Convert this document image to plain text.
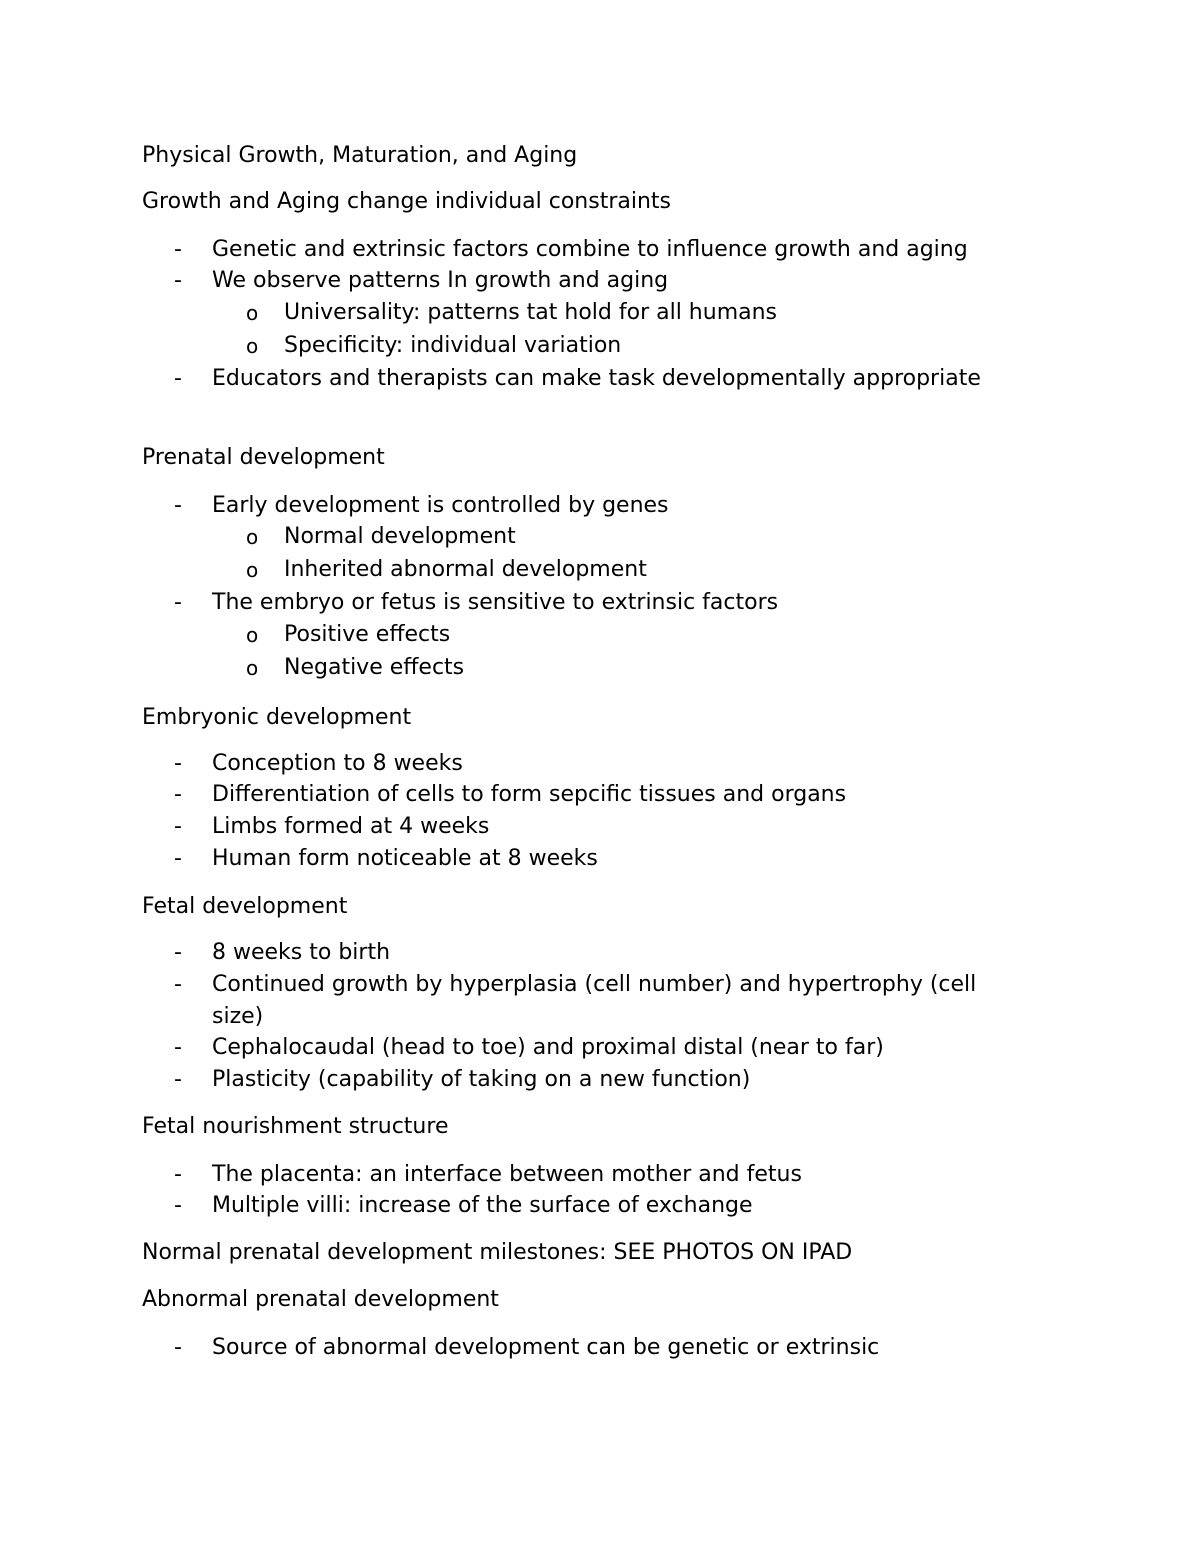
Physical Growth, Maturation, and Aging
Growth and Aging change individual constraints
- Genetic and extrinsic factors combine to influence growth and aging
- We observe patterns In growth and aging
o Universality: patterns tat hold for all humans
o Specificity: individual variation
- Educators and therapists can make task developmentally appropriate
Prenatal development
- Early development is controlled by genes
o Normal development
o Inherited abnormal development
- The embryo or fetus is sensitive to extrinsic factors
o Positive effects
o Negative effects
Embryonic development
- Conception to 8 weeks
- Differentiation of cells to form sepcific tissues and organs
- Limbs formed at 4 weeks
- Human form noticeable at 8 weeks
Fetal development
- 8 weeks to birth
- Continued growth by hyperplasia (cell number) and hypertrophy (cell
size)
- Cephalocaudal (head to toe) and proximal distal (near to far)
- Plasticity (capability of taking on a new function)
Fetal nourishment structure
- The placenta: an interface between mother and fetus
- Multiple villi: increase of the surface of exchange
Normal prenatal development milestones: SEE PHOTOS ON IPAD
Abnormal prenatal development
- Source of abnormal development can be genetic or extrinsic
